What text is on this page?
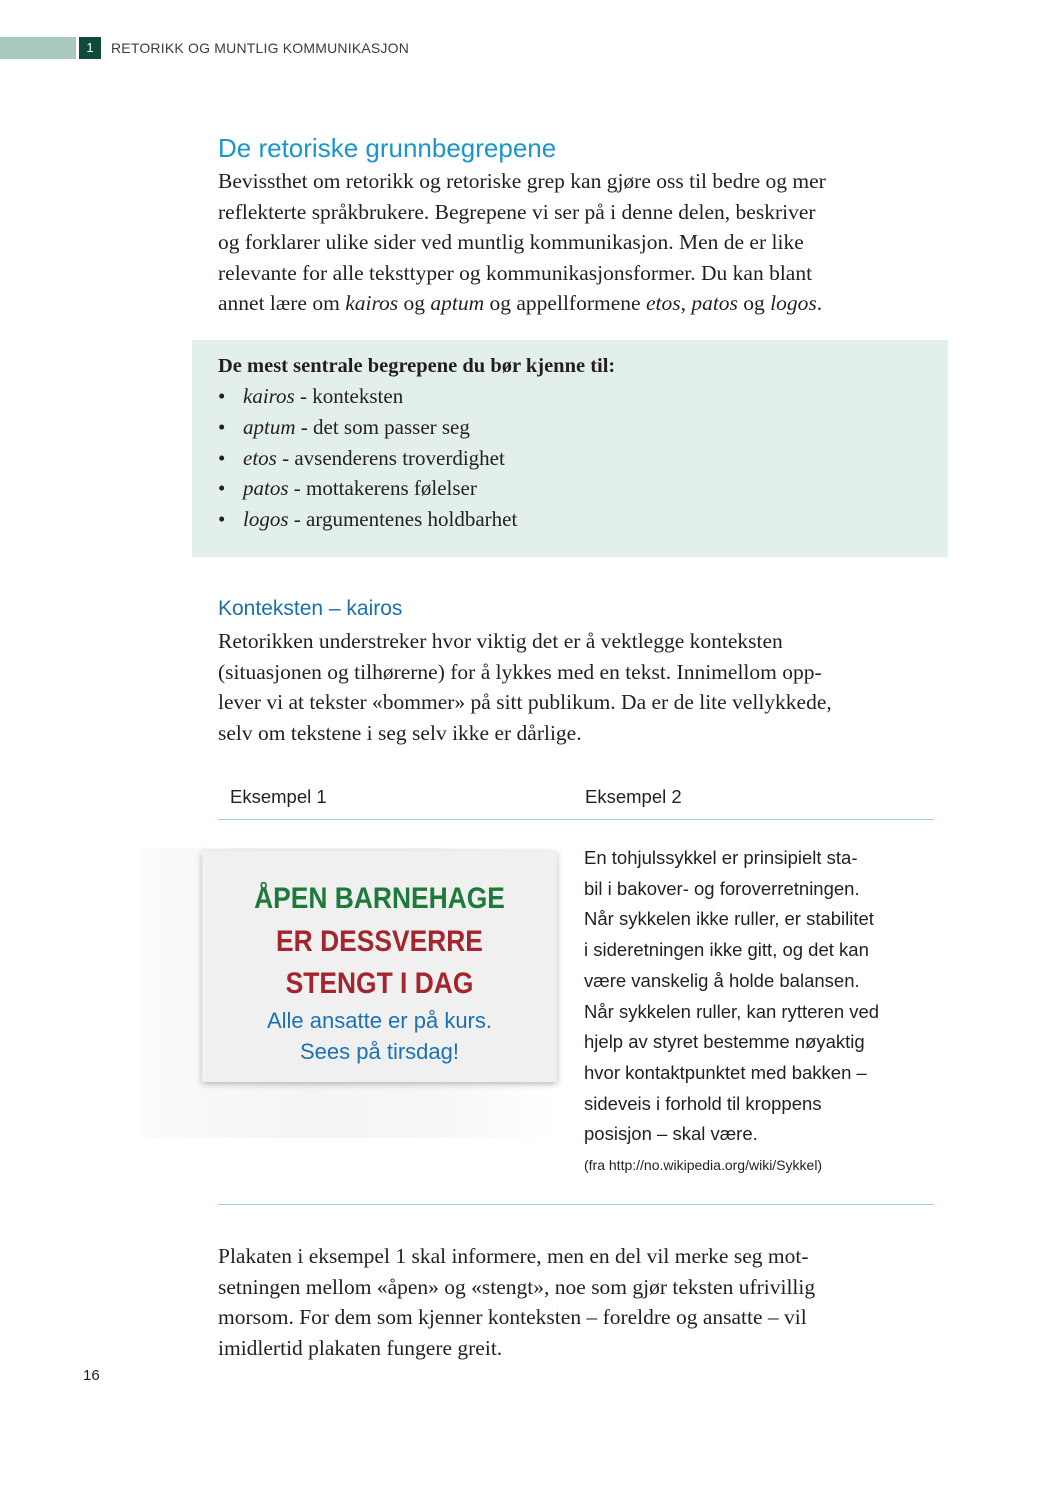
1	RETORIKK OG MUNTLIG KOMMUNIKASJON
De retoriske grunnbegrepene

Bevissthet om retorikk og retoriske grep kan gjøre oss til bedre og mer
reflekterte språkbrukere. Begrepene vi ser på i denne delen, beskriver
og forklarer ulike sider ved muntlig kommunikasjon. Men de er like
relevante for alle teksttyper og kommunikasjonsformer. Du kan blant
annet lære om kairos og aptum og appellformene etos, patos og logos.

De mest sentrale begrepene du bør kjenne til:

• kairos - konteksten
• aptum - det som passer seg
• etos - avsenderens troverdighet
• patos - mottakerens følelser
• logos - argumentenes holdbarhet
Konteksten – kairos

Retorikken understreker hvor viktig det er å vektlegge konteksten
(situasjonen og tilhørerne) for å lykkes med en tekst. Innimellom opp-
lever vi at tekster «bommer» på sitt publikum. Da er de lite vellykkede,
selv om tekstene i seg selv ikke er dårlige.

Eksempel 1	Eksempel 2
ÅPEN BARNEHAGE
ER DESSVERRE
STENGT I DAG
Alle ansatte er på kurs.
Sees på tirsdag!

En tohjulssykkel er prinsipielt sta-
bil i bakover- og foroverretningen.
Når sykkelen ikke ruller, er stabilitet
i sideretningen ikke gitt, og det kan
være vanskelig å holde balansen.
Når sykkelen ruller, kan rytteren ved
hjelp av styret bestemme nøyaktig
hvor kontaktpunktet med bakken –
sideveis i forhold til kroppens
posisjon – skal være.

(fra http://no.wikipedia.org/wiki/Sykkel)

Plakaten i eksempel 1 skal informere, men en del vil merke seg mot-
setningen mellom «åpen» og «stengt», noe som gjør teksten ufrivillig
morsom. For dem som kjenner konteksten – foreldre og ansatte – vil
imidlertid plakaten fungere greit.

16
